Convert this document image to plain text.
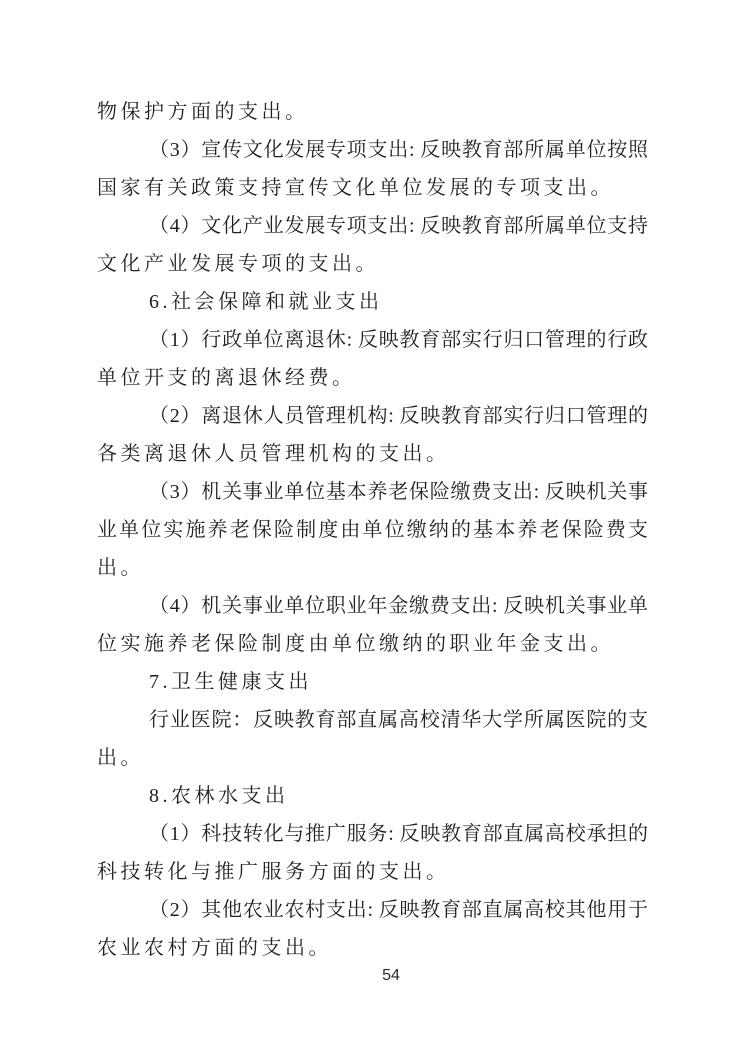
物保护方面的支出。
（3）宣传文化发展专项支出: 反映教育部所属单位按照
国家有关政策支持宣传文化单位发展的专项支出。
（4）文化产业发展专项支出: 反映教育部所属单位支持
文化产业发展专项的支出。
6.社会保障和就业支出
（1）行政单位离退休: 反映教育部实行归口管理的行政
单位开支的离退休经费。
（2）离退休人员管理机构: 反映教育部实行归口管理的
各类离退休人员管理机构的支出。
（3）机关事业单位基本养老保险缴费支出: 反映机关事
业单位实施养老保险制度由单位缴纳的基本养老保险费支
出。
（4）机关事业单位职业年金缴费支出: 反映机关事业单
位实施养老保险制度由单位缴纳的职业年金支出。
7.卫生健康支出
行业医院：反映教育部直属高校清华大学所属医院的支
出。
8.农林水支出
（1）科技转化与推广服务: 反映教育部直属高校承担的
科技转化与推广服务方面的支出。
（2）其他农业农村支出: 反映教育部直属高校其他用于
农业农村方面的支出。
54
